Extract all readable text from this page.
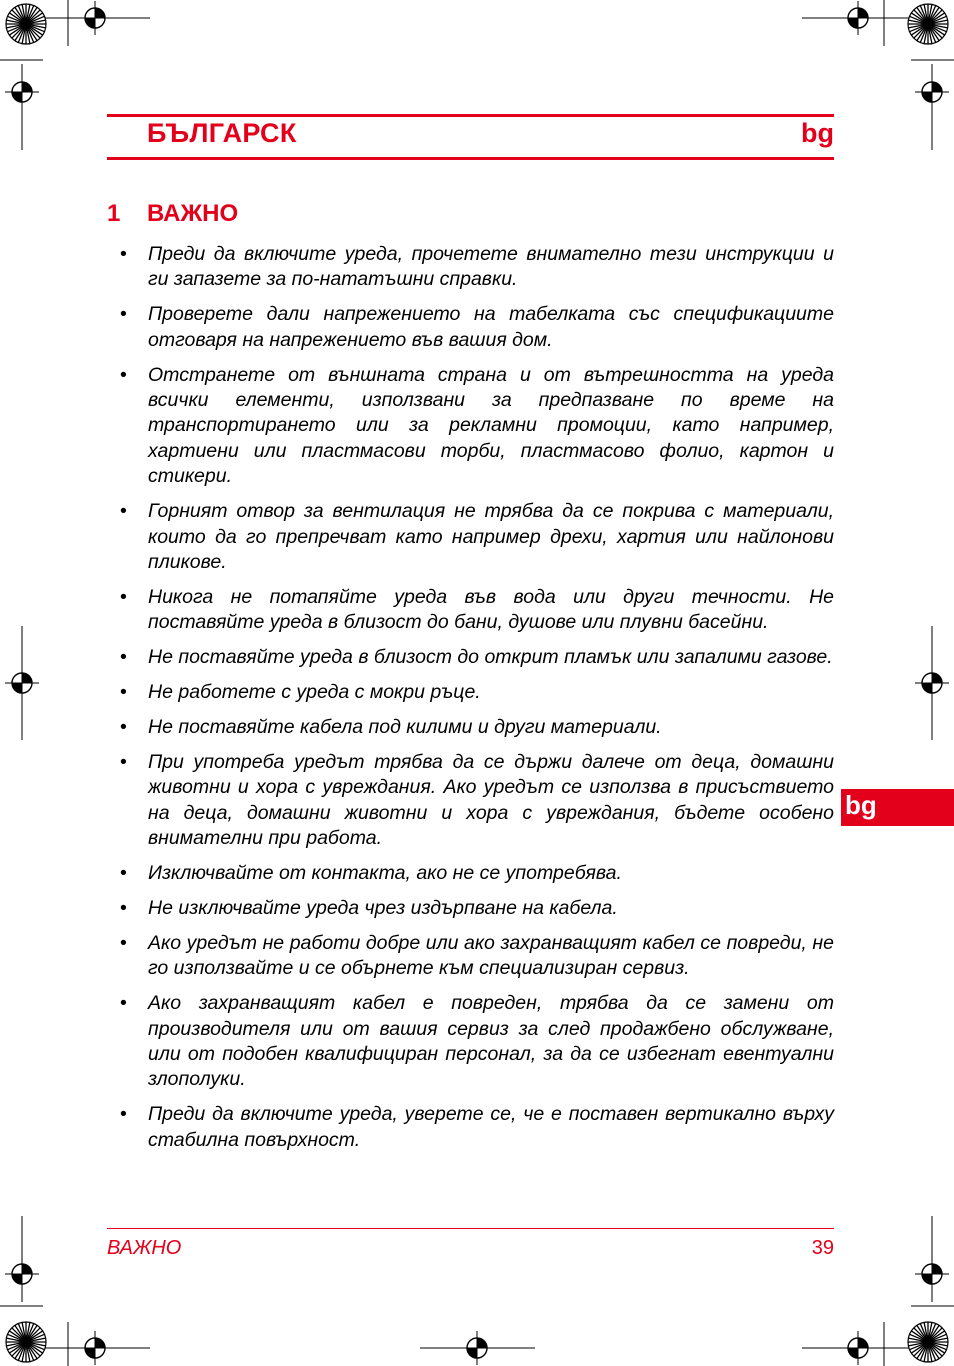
БЪЛГАРСК	bg
1 ВАЖНО
• Преди да включите уреда, прочетете внимателно тези инструкции и ги запазете за по-нататъшни справки.
• Проверете дали напрежението на табелката със спецификациите отговаря на напрежението във вашия дом.
• Отстранете от външната страна и от вътрешността на уреда всички елементи, използвани за предпазване по време на транспортирането или за рекламни промоции, като например, хартиени или пластмасови торби, пластмасово фолио, картон и стикери.
• Горният отвор за вентилация не трябва да се покрива с материали, които да го препречват като например дрехи, хартия или найлонови пликове.
• Никога не потапяйте уреда във вода или други течности. Не поставяйте уреда в близост до бани, душове или плувни басейни.
• Не поставяйте уреда в близост до открит пламък или запалими газове.
• Не работете с уреда с мокри ръце.
• Не поставяйте кабела под килими и други материали.
• При употреба уредът трябва да се държи далече от деца, домашни животни и хора с увреждания. Ако уредът се използва в присъствието на деца, домашни животни и хора с увреждания, бъдете особено внимателни при работа.
• Изключвайте от контакта, ако не се употребява.
• Не изключвайте уреда чрез издърпване на кабела.
• Ако уредът не работи добре или ако захранващият кабел се повреди, не го използвайте и се обърнете към специализиран сервиз.
• Ако захранващият кабел е повреден, трябва да се замени от производителя или от вашия сервиз за след продажбено обслужване, или от подобен квалифициран персонал, за да се избегнат евентуални злополуки.
• Преди да включите уреда, уверете се, че е поставен вертикално върху стабилна повърхност.
bg
ВАЖНО	39
